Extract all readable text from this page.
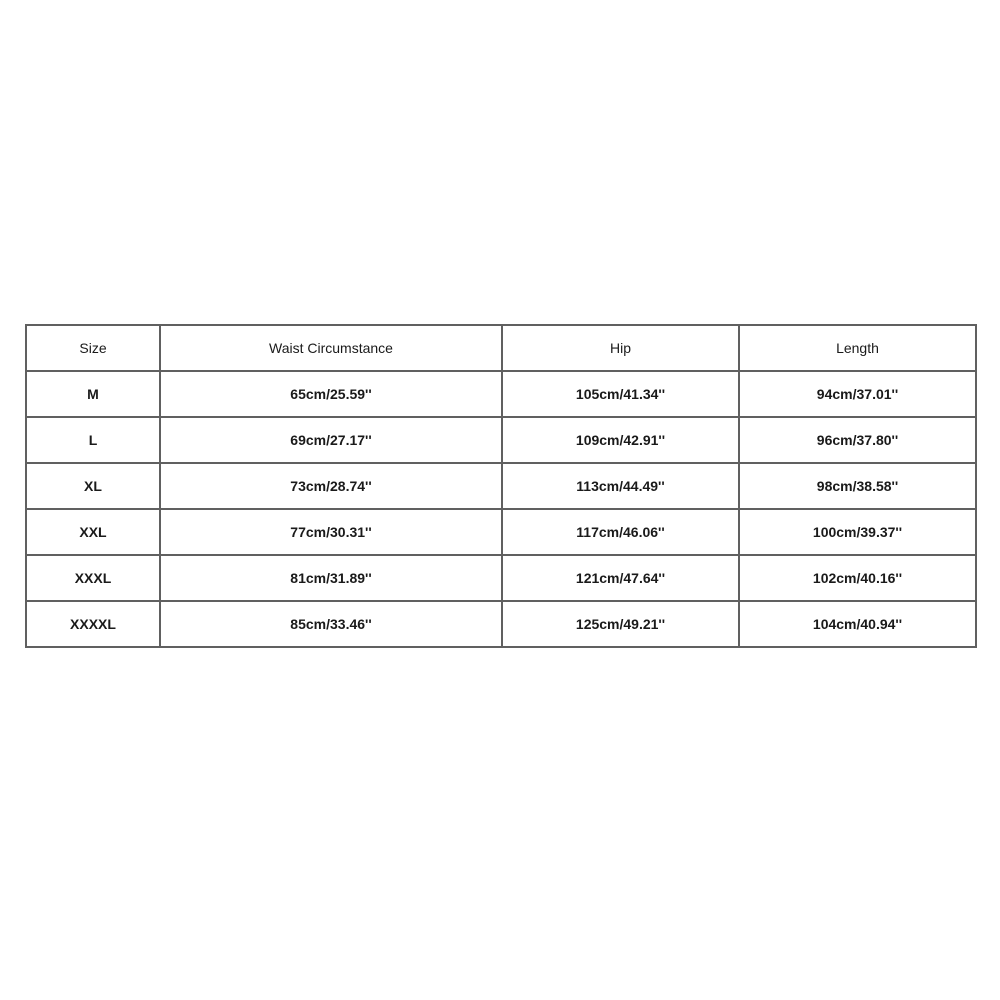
Size	Waist Circumstance	Hip	Length
M	65cm/25.59''	105cm/41.34''	94cm/37.01''
L	69cm/27.17''	109cm/42.91''	96cm/37.80''
XL	73cm/28.74''	113cm/44.49''	98cm/38.58''
XXL	77cm/30.31''	117cm/46.06''	100cm/39.37''
XXXL	81cm/31.89''	121cm/47.64''	102cm/40.16''
XXXXL	85cm/33.46''	125cm/49.21''	104cm/40.94''
